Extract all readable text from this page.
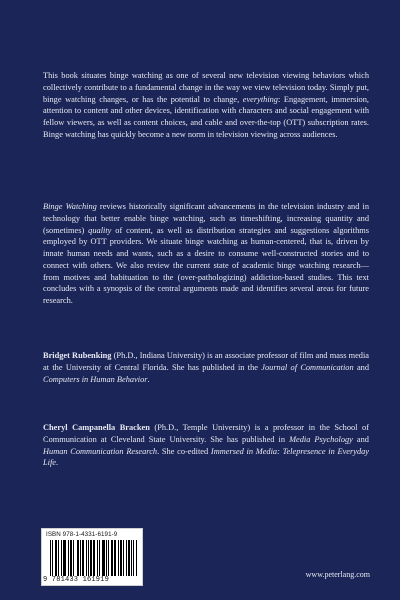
This book situates binge watching as one of several new television viewing behaviors which collectively contribute to a fundamental change in the way we view television today. Simply put, binge watching changes, or has the potential to change, everything: Engagement, immersion, attention to content and other devices, identification with characters and social engagement with fellow viewers, as well as content choices, and cable and over-the-top (OTT) subscription rates. Binge watching has quickly become a new norm in television viewing across audiences.

Binge Watching reviews historically significant advancements in the television industry and in technology that better enable binge watching, such as timeshifting, increasing quantity and (sometimes) quality of content, as well as distribution strategies and suggestions algorithms employed by OTT providers. We situate binge watching as human-centered, that is, driven by innate human needs and wants, such as a desire to consume well-constructed stories and to connect with others. We also review the current state of academic binge watching research—from motives and habituation to the (over-pathologizing) addiction-based studies. This text concludes with a synopsis of the central arguments made and identifies several areas for future research.

Bridget Rubenking (Ph.D., Indiana University) is an associate professor of film and mass media at the University of Central Florida. She has published in the Journal of Communication and Computers in Human Behavior.

Cheryl Campanella Bracken (Ph.D., Temple University) is a professor in the School of Communication at Cleveland State University. She has published in Media Psychology and Human Communication Research. She co-edited Immersed in Media: Telepresence in Everyday Life.

ISBN 978-1-4331-6191-9
9 781433 161919
www.peterlang.com
